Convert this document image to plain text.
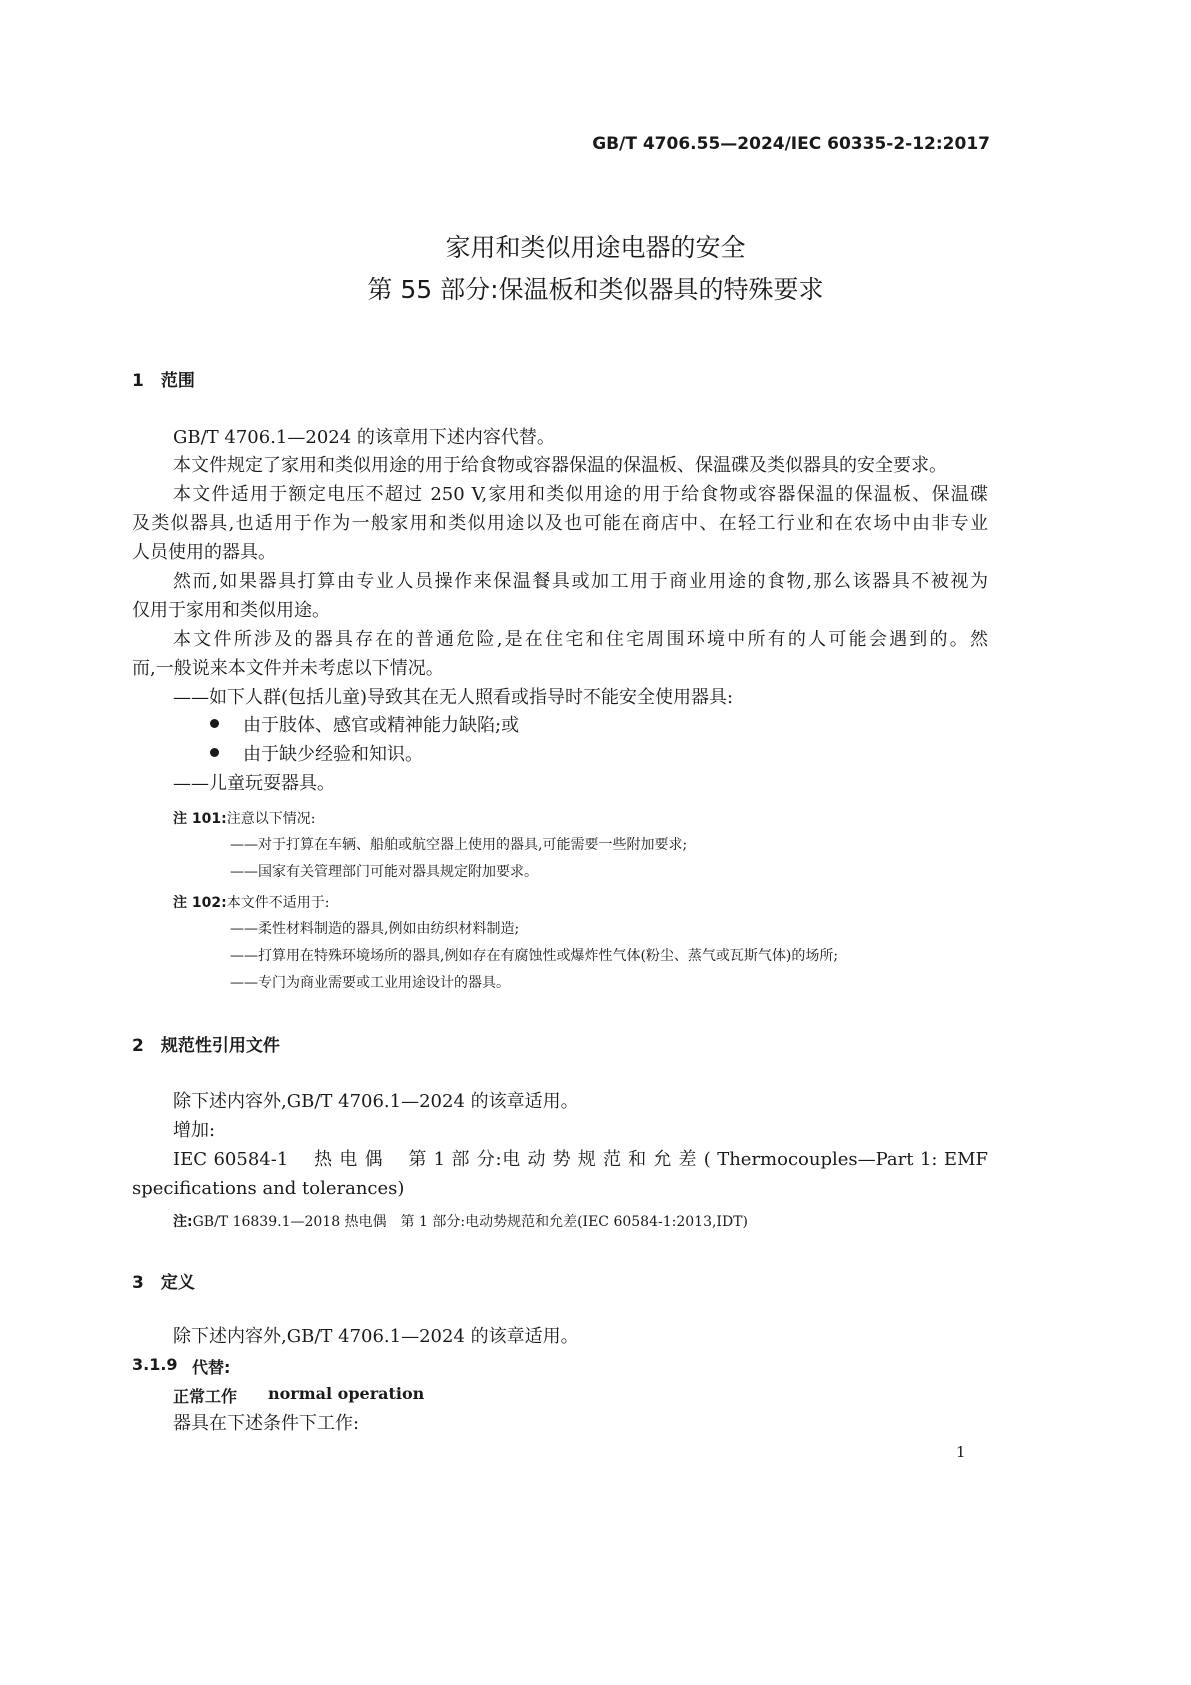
GB/T 4706.55—2024/IEC 60335-2-12:2017
家用和类似用途电器的安全
第 55 部分:保温板和类似器具的特殊要求
1　范围
GB/T 4706.1—2024 的该章用下述内容代替。
本文件规定了家用和类似用途的用于给食物或容器保温的保温板、保温碟及类似器具的安全要求。
本文件适用于额定电压不超过 250 V,家用和类似用途的用于给食物或容器保温的保温板、保温碟
及类似器具,也适用于作为一般家用和类似用途以及也可能在商店中、在轻工行业和在农场中由非专业
人员使用的器具。
然而,如果器具打算由专业人员操作来保温餐具或加工用于商业用途的食物,那么该器具不被视为
仅用于家用和类似用途。
本文件所涉及的器具存在的普通危险,是在住宅和住宅周围环境中所有的人可能会遇到的。然
而,一般说来本文件并未考虑以下情况。
——如下人群(包括儿童)导致其在无人照看或指导时不能安全使用器具:
由于肢体、感官或精神能力缺陷;或
由于缺少经验和知识。
——儿童玩耍器具。
注 101:注意以下情况:
——对于打算在车辆、船舶或航空器上使用的器具,可能需要一些附加要求;
——国家有关管理部门可能对器具规定附加要求。
注 102:本文件不适用于:
——柔性材料制造的器具,例如由纺织材料制造;
——打算用在特殊环境场所的器具,例如存在有腐蚀性或爆炸性气体(粉尘、蒸气或瓦斯气体)的场所;
——专门为商业需要或工业用途设计的器具。
2　规范性引用文件
除下述内容外,GB/T 4706.1—2024 的该章适用。
增加:
IEC 60584-1　 热 电 偶　 第 1 部 分:电 动 势 规 范 和 允 差 ( Thermocouples—Part 1: EMF
specifications and tolerances)
注:GB/T 16839.1—2018 热电偶　第 1 部分:电动势规范和允差(IEC 60584-1:2013,IDT)
3　定义
除下述内容外,GB/T 4706.1—2024 的该章适用。
3.1.9 代替:
正常工作 normal operation
器具在下述条件下工作:
1
